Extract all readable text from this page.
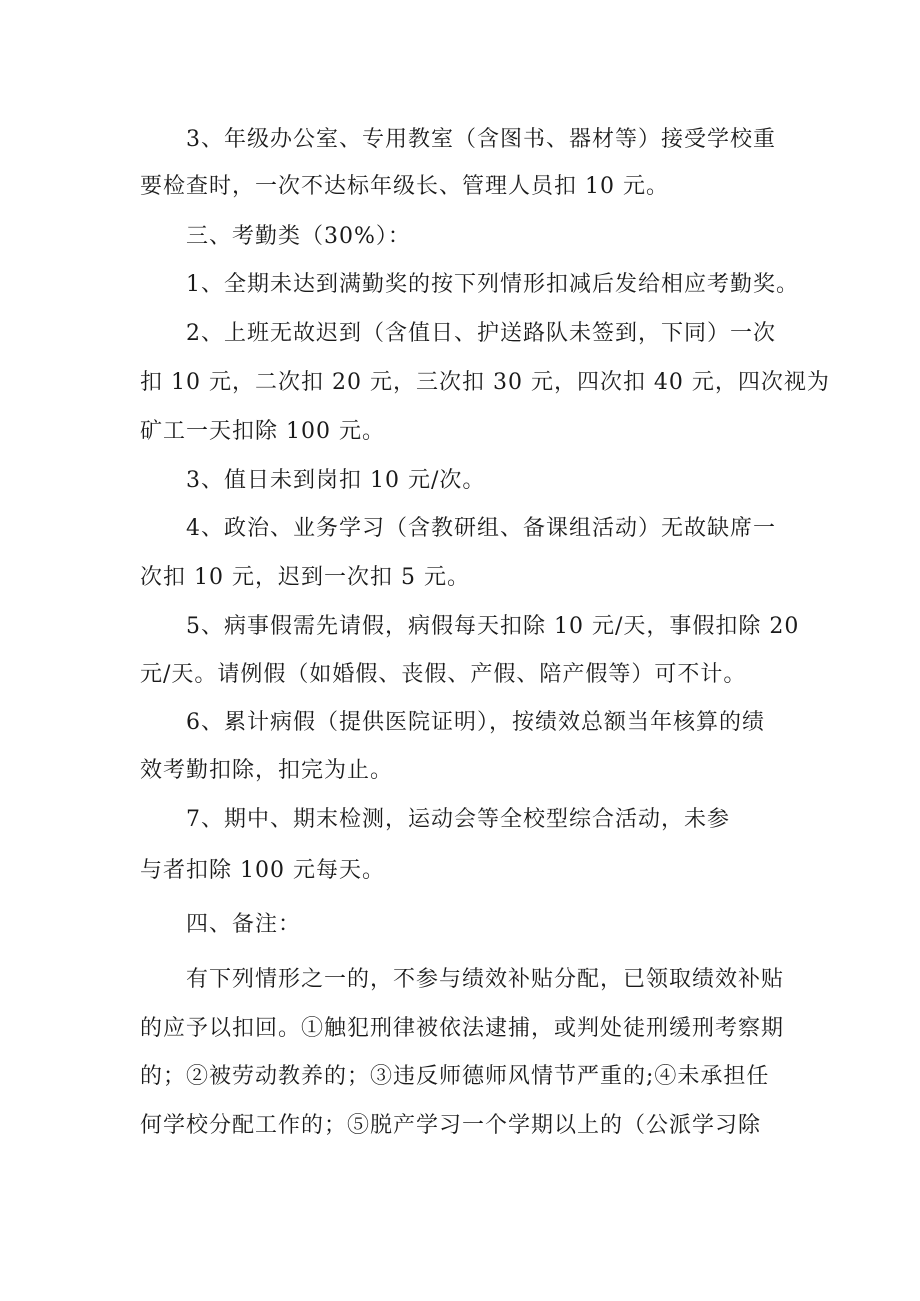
3、年级办公室、专用教室（含图书、器材等）接受学校重
要检查时，一次不达标年级长、管理人员扣 10 元。
三、考勤类（30%）：
1、全期未达到满勤奖的按下列情形扣减后发给相应考勤奖。
2、上班无故迟到（含值日、护送路队未签到，下同）一次
扣 10 元，二次扣 20 元，三次扣 30 元，四次扣 40 元，四次视为
矿工一天扣除 100 元。
3、值日未到岗扣 10 元/次。
4、政治、业务学习（含教研组、备课组活动）无故缺席一
次扣 10 元，迟到一次扣 5 元。
5、病事假需先请假，病假每天扣除 10 元/天，事假扣除 20
元/天。请例假（如婚假、丧假、产假、陪产假等）可不计。
6、累计病假（提供医院证明），按绩效总额当年核算的绩
效考勤扣除，扣完为止。
7、期中、期末检测，运动会等全校型综合活动，未参
与者扣除 100 元每天。
四、备注：
有下列情形之一的，不参与绩效补贴分配，已领取绩效补贴
的应予以扣回。①触犯刑律被依法逮捕，或判处徒刑缓刑考察期
的；②被劳动教养的；③违反师德师风情节严重的;④未承担任
何学校分配工作的；⑤脱产学习一个学期以上的（公派学习除
